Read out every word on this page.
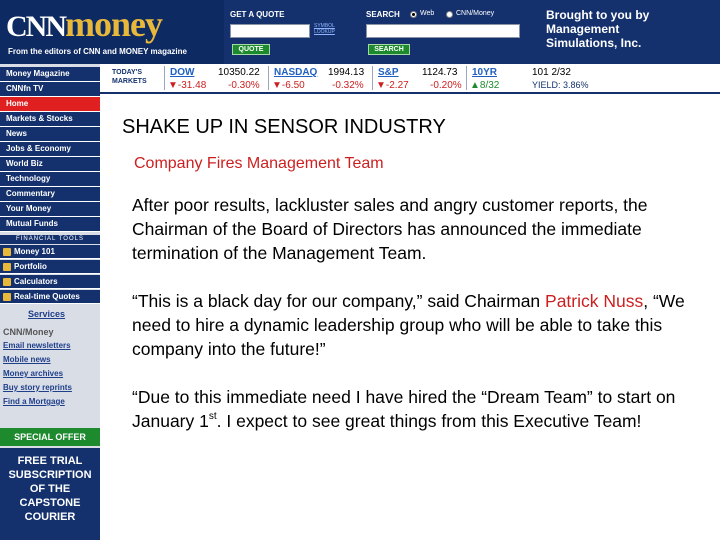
CNNmoney
From the editors of CNN and MONEY magazine
GET A QUOTE
SYMBOL
LOOKUP
QUOTE
SEARCH	Web	CNN/Money
SEARCH
Brought to you by
Management
Simulations, Inc.
TODAY'S
MARKETS
DOW 10350.22
▼-31.48 -0.30%
NASDAQ 1994.13
▼-6.50	-0.32%
S&P 1124.73
▼-2.27 -0.20%
10YR	101 2/32
▲8/32	YIELD: 3.86%
Money Magazine
CNNfn TV
Home
Markets & Stocks
News
Jobs & Economy
World Biz
Technology
Commentary
Your Money
Mutual Funds
FINANCIAL TOOLS
Money 101
Portfolio
Calculators
Real-time Quotes
Services
CNN/Money
Email newsletters
Mobile news
Money archives
Buy story reprints
Find a Mortgage
SPECIAL OFFER
FREE TRIAL
SUBSCRIPTION
OF THE
CAPSTONE
COURIER
SHAKE UP IN SENSOR INDUSTRY
Company Fires Management Team
After poor results, lackluster sales and angry customer reports, the Chairman of the Board of Directors has announced the immediate termination of the Management Team.
“This is a black day for our company,” said Chairman Patrick Nuss, “We need to hire a dynamic leadership group who will be able to take this company into the future!”
“Due to this immediate need I have hired the “Dream Team” to start on January 1st. I expect to see great things from this Executive Team!
